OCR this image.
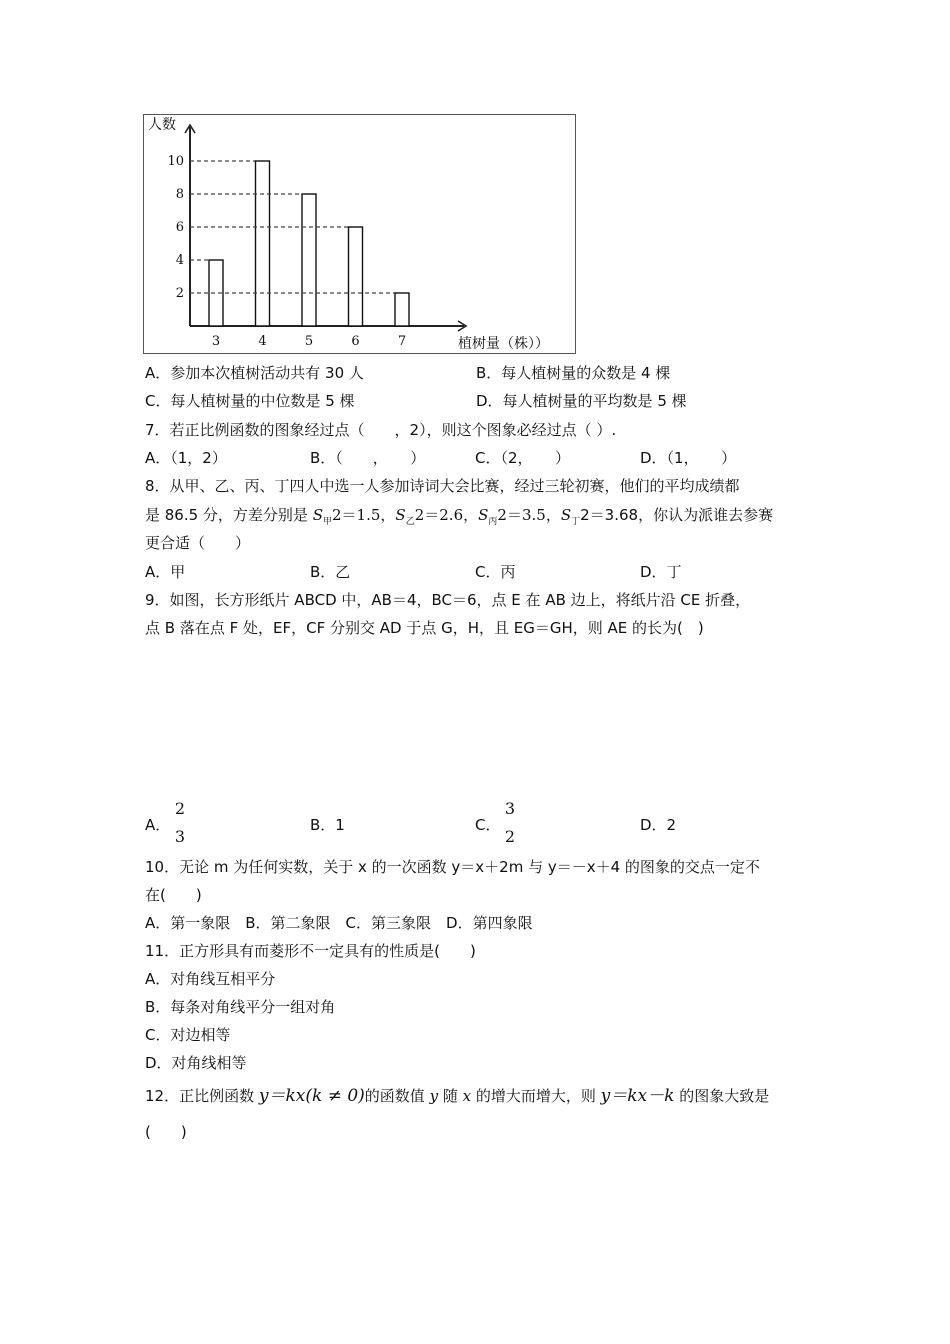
人数
植树量（株））
3	4	5	6	7
2
4
6
8
10
A．参加本次植树活动共有 30 人	B．每人植树量的众数是 4 棵
C．每人植树量的中位数是 5 棵	D．每人植树量的平均数是 5 棵
7．若正比例函数的图象经过点（　　，2），则这个图象必经过点（ ）.
A．（1，2）	B．（　　，　　）	C．（2，　　）	D．（1，　　）
8．从甲、乙、丙、丁四人中选一人参加诗词大会比赛，经过三轮初赛，他们的平均成绩都
是 86.5 分，方差分别是 $S_甲2=1.5$，$S_乙2=2.6$，$S_丙2=3.5$，$S_丁2=3.68$，你认为派谁去参赛
更合适（　　）
A．甲	B．乙	C．丙	D．丁
9．如图，长方形纸片 ABCD 中，AB＝4，BC＝6，点 E 在 AB 边上，将纸片沿 CE 折叠，
点 B 落在点 F 处，EF，CF 分别交 AD 于点 G，H，且 EG＝GH，则 AE 的长为(　)
A．
2
3
B．1	C．
3
2
D．2
10．无论 m 为任何实数，关于 x 的一次函数 y＝x＋2m 与 y＝－x＋4 的图象的交点一定不
在(　　)
A．第一象限　B．第二象限　C．第三象限　D．第四象限
11．正方形具有而菱形不一定具有的性质是(　　)
A．对角线互相平分
B．每条对角线平分一组对角
C．对边相等
D．对角线相等
12．正比例函数 y＝kx(k ≠ 0)的函数值 y 随 x 的增大而增大，则 y＝kx－k 的图象大致是
(　　)
